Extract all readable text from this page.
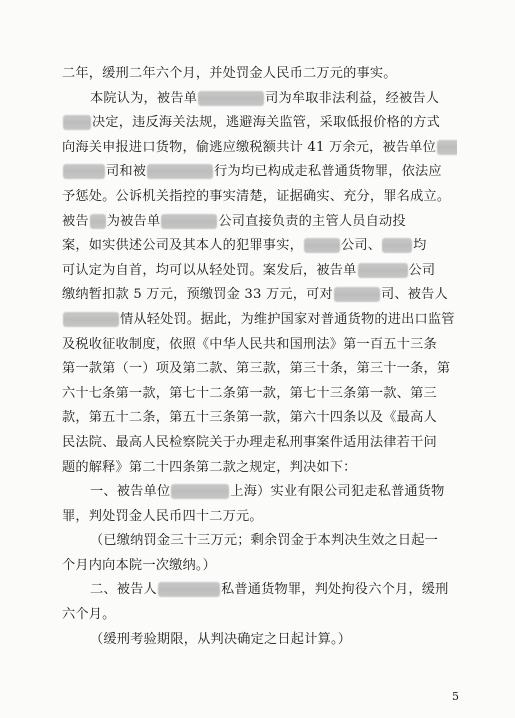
二年，缓刑二年六个月，并处罚金人民币二万元的事实。
本院认为，被告单	司为牟取非法利益，经被告人
决定，违反海关法规，逃避海关监管，采取低报价格的方式
向海关申报进口货物，偷逃应缴税额共计 41 万余元，被告单位
司和被	行为均已构成走私普通货物罪，依法应
予惩处。公诉机关指控的事实清楚，证据确实、充分，罪名成立。
被告 为被告单	公司直接负责的主管人员自动投
案，如实供述公司及其本人的犯罪事实，	公司、 均
可认定为自首，均可以从轻处罚。案发后，被告单	公司
缴纳暂扣款 5 万元，预缴罚金 33 万元，可对	司、被告人
情从轻处罚。据此，为维护国家对普通货物的进出口监管
及税收征收制度，依照《中华人民共和国刑法》第一百五十三条
第一款第（一）项及第二款、第三款，第三十条，第三十一条，第
六十七条第一款，第七十二条第一款，第七十三条第一款、第三
款，第五十二条，第五十三条第一款，第六十四条以及《最高人
民法院、最高人民检察院关于办理走私刑事案件适用法律若干问
题的解释》第二十四条第二款之规定，判决如下：
一、被告单位	上海）实业有限公司犯走私普通货物
罪，判处罚金人民币四十二万元。
（已缴纳罚金三十三万元；剩余罚金于本判决生效之日起一
个月内向本院一次缴纳。）
二、被告人	私普通货物罪，判处拘役六个月，缓刑
六个月。
（缓刑考验期限，从判决确定之日起计算。）
5
